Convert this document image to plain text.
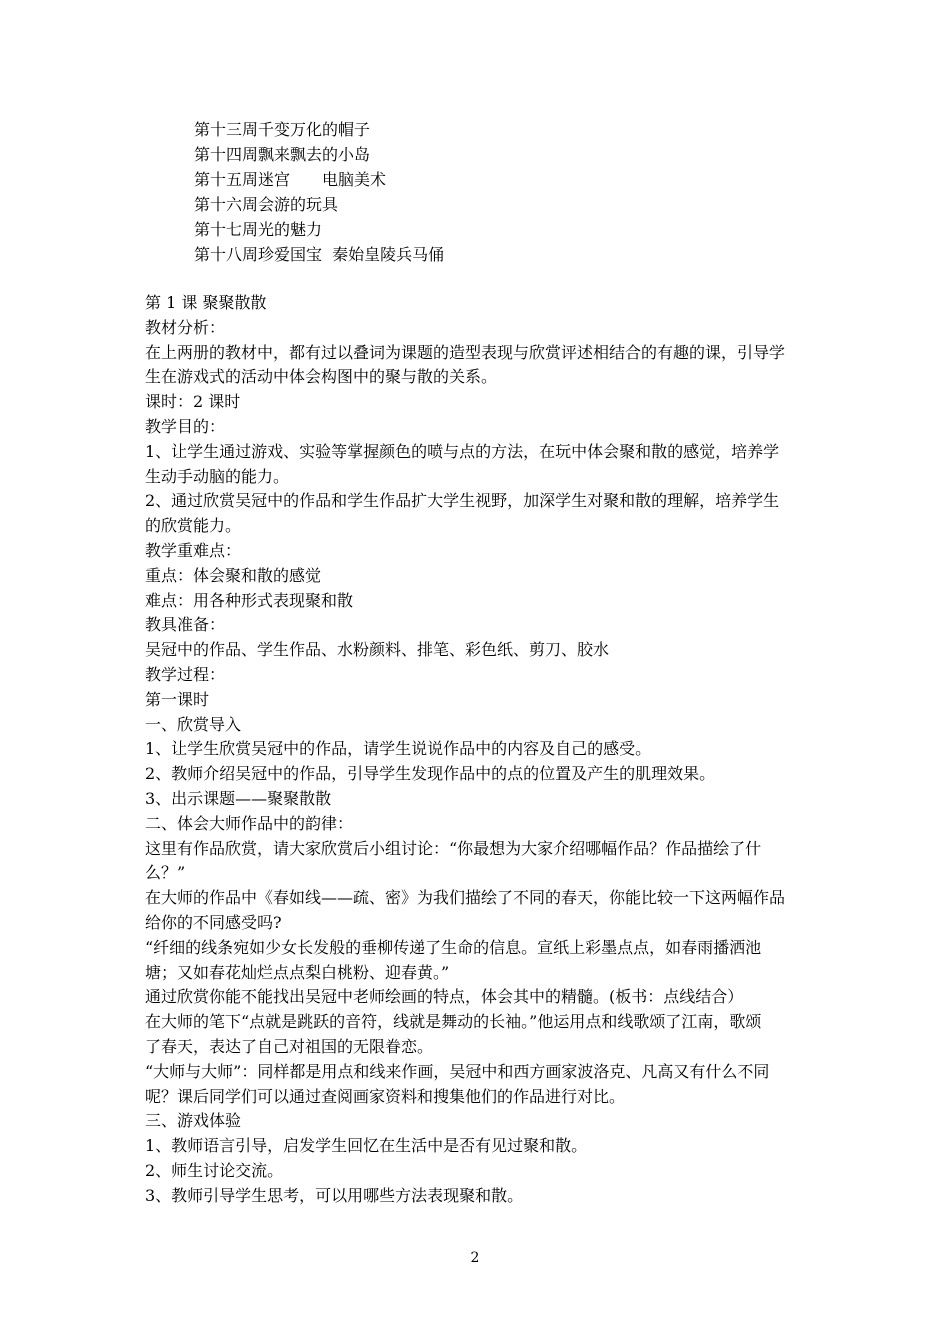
第十三周千变万化的帽子
第十四周飘来飘去的小岛
第十五周迷宫　　电脑美术
第十六周会游的玩具
第十七周光的魅力
第十八周珍爱国宝  秦始皇陵兵马俑
第 1 课 聚聚散散
教材分析：
在上两册的教材中，都有过以叠词为课题的造型表现与欣赏评述相结合的有趣的课，引导学
生在游戏式的活动中体会构图中的聚与散的关系。
课时：2 课时
教学目的：
1、让学生通过游戏、实验等掌握颜色的喷与点的方法，在玩中体会聚和散的感觉，培养学
生动手动脑的能力。
2、通过欣赏吴冠中的作品和学生作品扩大学生视野，加深学生对聚和散的理解，培养学生
的欣赏能力。
教学重难点：
重点：体会聚和散的感觉
难点：用各种形式表现聚和散
教具准备：
吴冠中的作品、学生作品、水粉颜料、排笔、彩色纸、剪刀、胶水
教学过程：
第一课时
一、欣赏导入
1、让学生欣赏吴冠中的作品，请学生说说作品中的内容及自己的感受。
2、教师介绍吴冠中的作品，引导学生发现作品中的点的位置及产生的肌理效果。
3、出示课题——聚聚散散
二、体会大师作品中的韵律：
这里有作品欣赏，请大家欣赏后小组讨论：“你最想为大家介绍哪幅作品？作品描绘了什
么？”
在大师的作品中《春如线——疏、密》为我们描绘了不同的春天，你能比较一下这两幅作品
给你的不同感受吗?
“纤细的线条宛如少女长发般的垂柳传递了生命的信息。宣纸上彩墨点点，如春雨播洒池
塘；又如春花灿烂点点梨白桃粉、迎春黄。”
通过欣赏你能不能找出吴冠中老师绘画的特点，体会其中的精髓。(板书：点线结合）
在大师的笔下“点就是跳跃的音符，线就是舞动的长袖。”他运用点和线歌颂了江南，歌颂
了春天，表达了自己对祖国的无限眷恋。
“大师与大师”：同样都是用点和线来作画，吴冠中和西方画家波洛克、凡高又有什么不同
呢？课后同学们可以通过查阅画家资料和搜集他们的作品进行对比。
三、游戏体验
1、教师语言引导，启发学生回忆在生活中是否有见过聚和散。
2、师生讨论交流。
3、教师引导学生思考，可以用哪些方法表现聚和散。
2
